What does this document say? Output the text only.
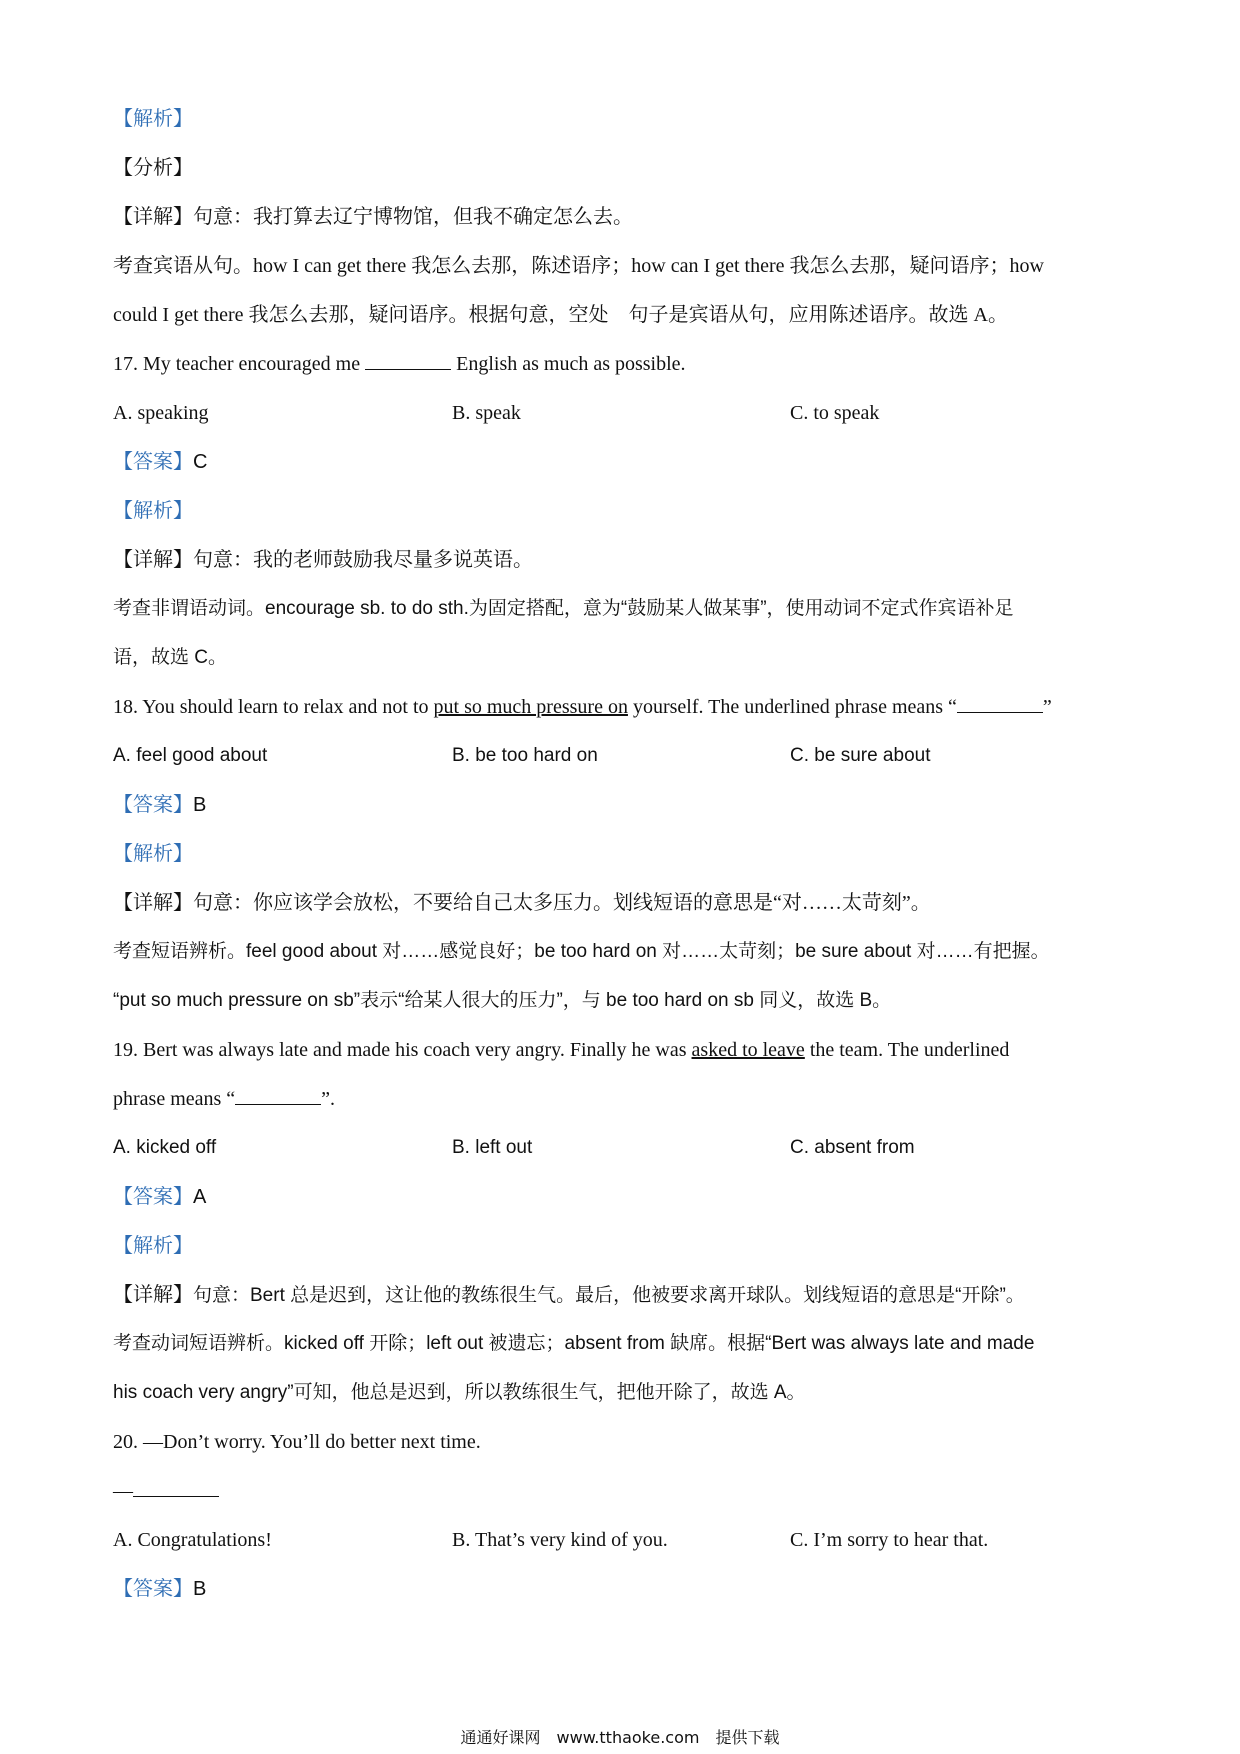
【解析】
【分析】
【详解】句意：我打算去辽宁博物馆，但我不确定怎么去。
考查宾语从句。how I can get there 我怎么去那，陈述语序；how can I get there 我怎么去那，疑问语序；how
could I get there 我怎么去那，疑问语序。根据句意，空处　句子是宾语从句，应用陈述语序。故选 A。
17. My teacher encouraged me	English as much as possible.
A. speaking	B. speak	C. to speak
【答案】C
【解析】
【详解】句意：我的老师鼓励我尽量多说英语。
考查非谓语动词。encourage sb. to do sth.为固定搭配，意为“鼓励某人做某事”，使用动词不定式作宾语补足
语，故选 C。
18. You should learn to relax and not to put so much pressure on yourself. The underlined phrase means “	”
A. feel good about	B. be too hard on	C. be sure about
【答案】B
【解析】
【详解】句意：你应该学会放松，不要给自己太多压力。划线短语的意思是“对……太苛刻”。
考查短语辨析。feel good about 对……感觉良好；be too hard on 对……太苛刻；be sure about 对……有把握。
“put so much pressure on sb”表示“给某人很大的压力”，与 be too hard on sb 同义，故选 B。
19. Bert was always late and made his coach very angry. Finally he was asked to leave the team. The underlined
phrase means “	”.
A. kicked off	B. left out	C. absent from
【答案】A
【解析】
【详解】句意：Bert 总是迟到，这让他的教练很生气。最后，他被要求离开球队。划线短语的意思是“开除”。
考查动词短语辨析。kicked off 开除；left out 被遗忘；absent from 缺席。根据“Bert was always late and made
his coach very angry”可知，他总是迟到，所以教练很生气，把他开除了，故选 A。
20. —Don’t worry. You’ll do better next time.
—
A. Congratulations!	B. That’s very kind of you.	C. I’m sorry to hear that.
【答案】B
通通好课网　www.tthaoke.com　提供下载
